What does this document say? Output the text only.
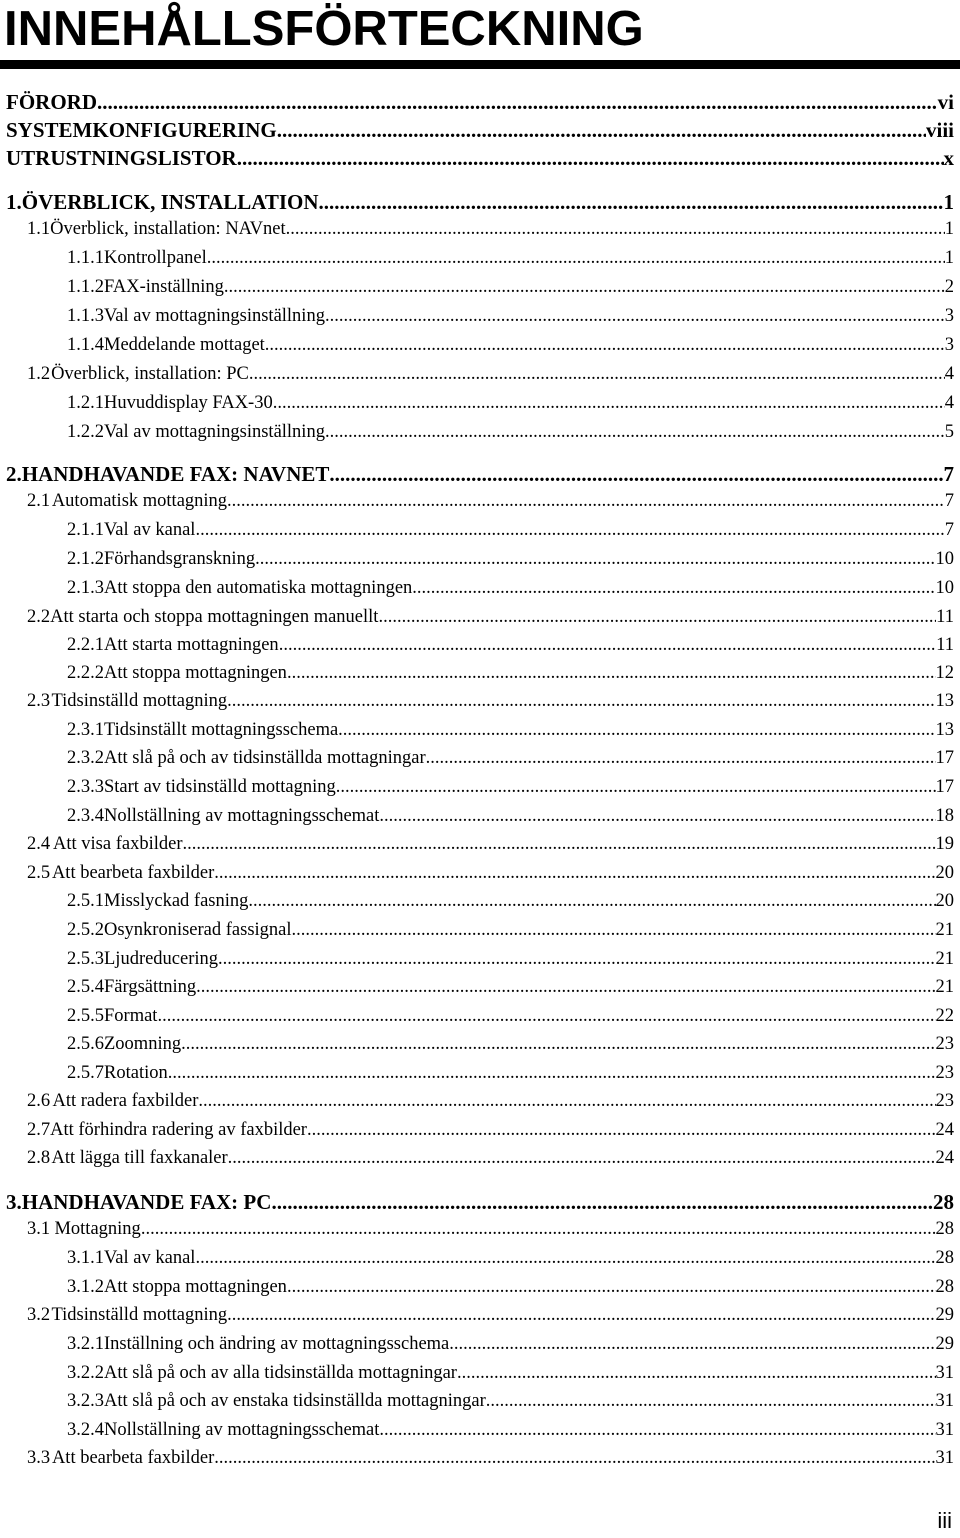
INNEHÅLLSFÖRTECKNING
FÖRORD .....	vi
SYSTEMKONFIGURERING .....	viii
UTRUSTNINGSLISTOR .....	x
1. ÖVERBLICK, INSTALLATION .....	1
1.1 Överblick, installation: NAVnet .....	1
1.1.1 Kontrollpanel .....	1
1.1.2 FAX-inställning .....	2
1.1.3 Val av mottagningsinställning .....	3
1.1.4 Meddelande mottaget .....	3
1.2 Överblick, installation: PC .....	4
1.2.1 Huvuddisplay FAX-30 .....	4
1.2.2 Val av mottagningsinställning .....	5
2. HANDHAVANDE FAX: NAVNET .....	7
2.1 Automatisk mottagning .....	7
2.1.1 Val av kanal .....	7
2.1.2 Förhandsgranskning .....	10
2.1.3 Att stoppa den automatiska mottagningen .....	10
2.2 Att starta och stoppa mottagningen manuellt .....	11
2.2.1 Att starta mottagningen .....	11
2.2.2 Att stoppa mottagningen .....	12
2.3 Tidsinställd mottagning .....	13
2.3.1 Tidsinställt mottagningsschema .....	13
2.3.2 Att slå på och av tidsinställda mottagningar .....	17
2.3.3 Start av tidsinställd mottagning .....	17
2.3.4 Nollställning av mottagningsschemat .....	18
2.4 Att visa faxbilder .....	19
2.5 Att bearbeta faxbilder .....	20
2.5.1 Misslyckad fasning .....	20
2.5.2 Osynkroniserad fassignal .....	21
2.5.3 Ljudreducering .....	21
2.5.4 Färgsättning .....	21
2.5.5 Format .....	22
2.5.6 Zoomning .....	23
2.5.7 Rotation .....	23
2.6 Att radera faxbilder .....	23
2.7 Att förhindra radering av faxbilder .....	24
2.8 Att lägga till faxkanaler .....	24
3. HANDHAVANDE FAX: PC .....	28
3.1 Mottagning .....	28
3.1.1 Val av kanal .....	28
3.1.2 Att stoppa mottagningen .....	28
3.2 Tidsinställd mottagning .....	29
3.2.1 Inställning och ändring av mottagningsschema .....	29
3.2.2 Att slå på och av alla tidsinställda mottagningar .....	31
3.2.3 Att slå på och av enstaka tidsinställda mottagningar .....	31
3.2.4 Nollställning av mottagningsschemat .....	31
3.3 Att bearbeta faxbilder .....	31
iii
